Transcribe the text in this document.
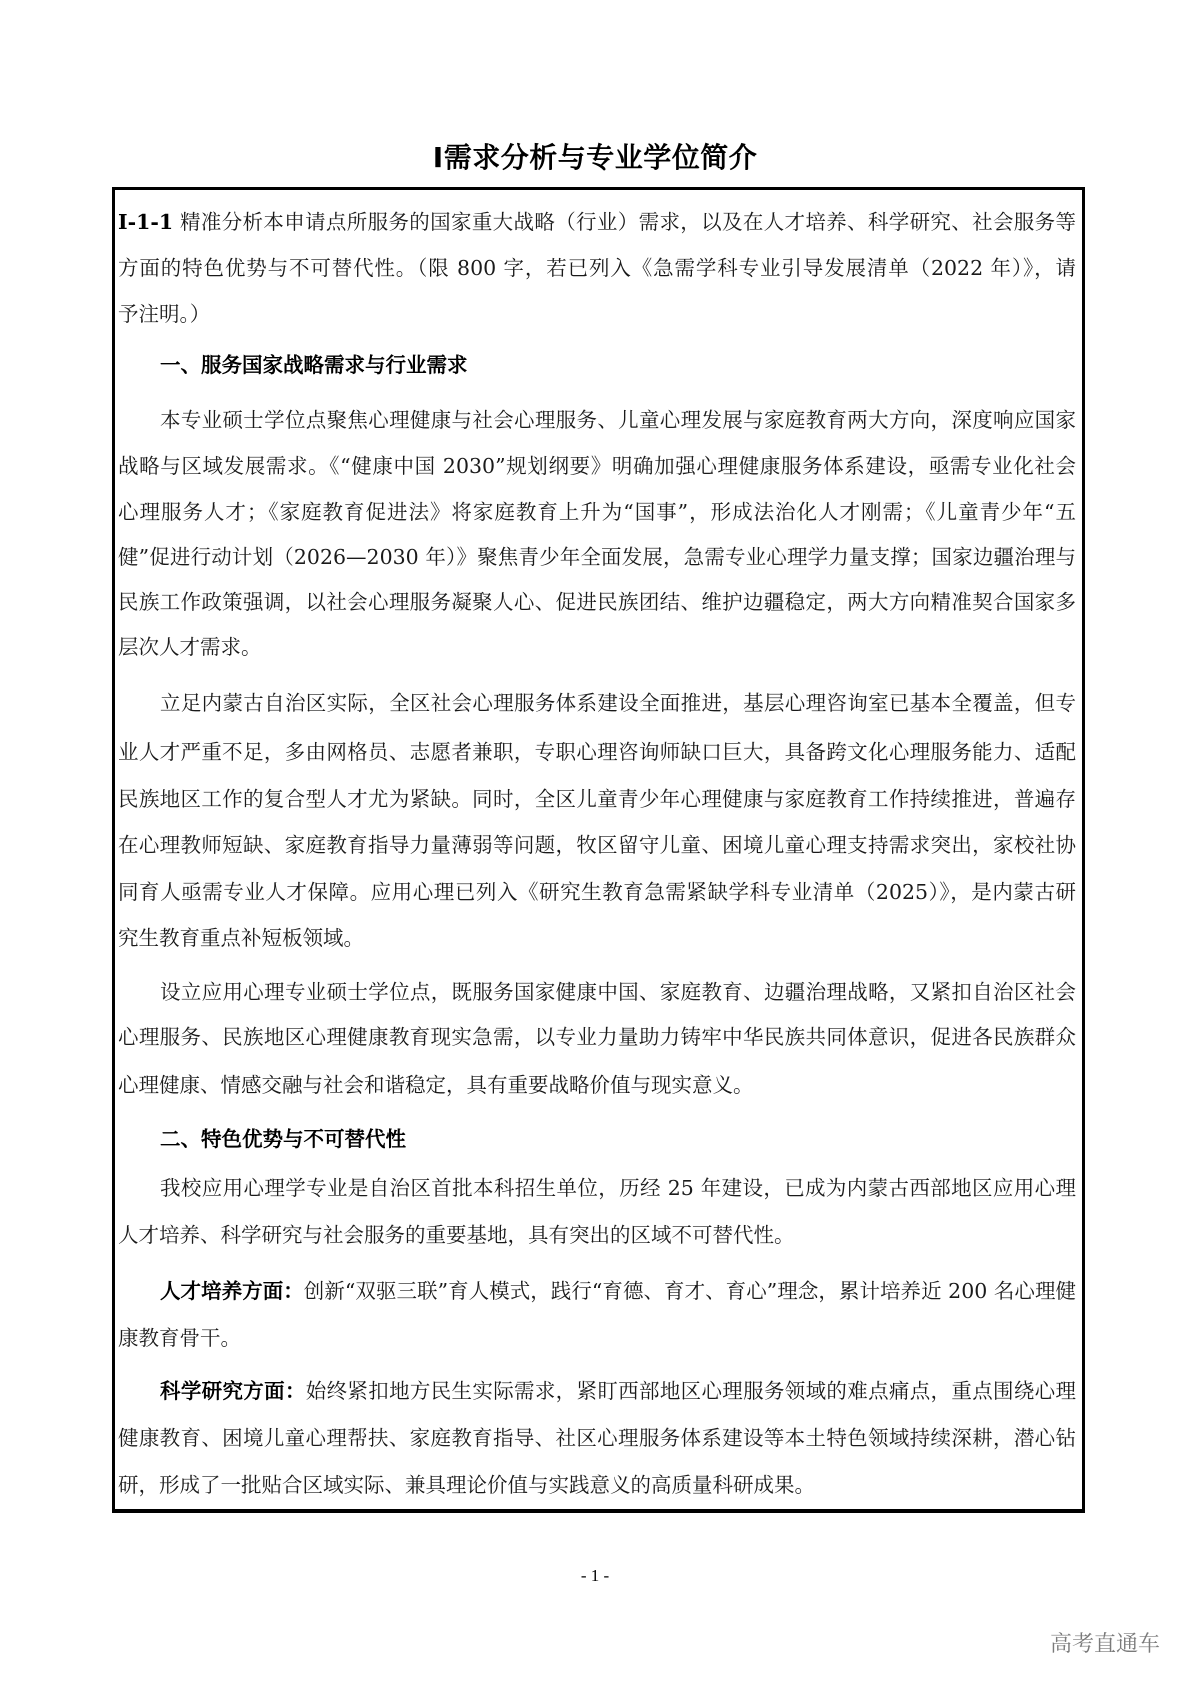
I需求分析与专业学位简介
I-1-1 精准分析本申请点所服务的国家重大战略（行业）需求，以及在人才培养、科学研究、社会服务等
方面的特色优势与不可替代性。（限 800 字，若已列入《急需学科专业引导发展清单（2022 年）》，请
予注明。）
一、服务国家战略需求与行业需求
本专业硕士学位点聚焦心理健康与社会心理服务、儿童心理发展与家庭教育两大方向，深度响应国家
战略与区域发展需求。《“健康中国 2030”规划纲要》明确加强心理健康服务体系建设，亟需专业化社会
心理服务人才；《家庭教育促进法》将家庭教育上升为“国事”，形成法治化人才刚需；《儿童青少年“五
健”促进行动计划（2026—2030 年）》聚焦青少年全面发展，急需专业心理学力量支撑；国家边疆治理与
民族工作政策强调，以社会心理服务凝聚人心、促进民族团结、维护边疆稳定，两大方向精准契合国家多
层次人才需求。
立足内蒙古自治区实际，全区社会心理服务体系建设全面推进，基层心理咨询室已基本全覆盖，但专
业人才严重不足，多由网格员、志愿者兼职，专职心理咨询师缺口巨大，具备跨文化心理服务能力、适配
民族地区工作的复合型人才尤为紧缺。同时，全区儿童青少年心理健康与家庭教育工作持续推进，普遍存
在心理教师短缺、家庭教育指导力量薄弱等问题，牧区留守儿童、困境儿童心理支持需求突出，家校社协
同育人亟需专业人才保障。应用心理已列入《研究生教育急需紧缺学科专业清单（2025）》，是内蒙古研
究生教育重点补短板领域。
设立应用心理专业硕士学位点，既服务国家健康中国、家庭教育、边疆治理战略，又紧扣自治区社会
心理服务、民族地区心理健康教育现实急需，以专业力量助力铸牢中华民族共同体意识，促进各民族群众
心理健康、情感交融与社会和谐稳定，具有重要战略价值与现实意义。
二、特色优势与不可替代性
我校应用心理学专业是自治区首批本科招生单位，历经 25 年建设，已成为内蒙古西部地区应用心理
人才培养、科学研究与社会服务的重要基地，具有突出的区域不可替代性。
人才培养方面：创新“双驱三联”育人模式，践行“育德、育才、育心”理念，累计培养近 200 名心理健
康教育骨干。
科学研究方面：始终紧扣地方民生实际需求，紧盯西部地区心理服务领域的难点痛点，重点围绕心理
健康教育、困境儿童心理帮扶、家庭教育指导、社区心理服务体系建设等本土特色领域持续深耕，潜心钻
研，形成了一批贴合区域实际、兼具理论价值与实践意义的高质量科研成果。
- 1 -
高考直通车
